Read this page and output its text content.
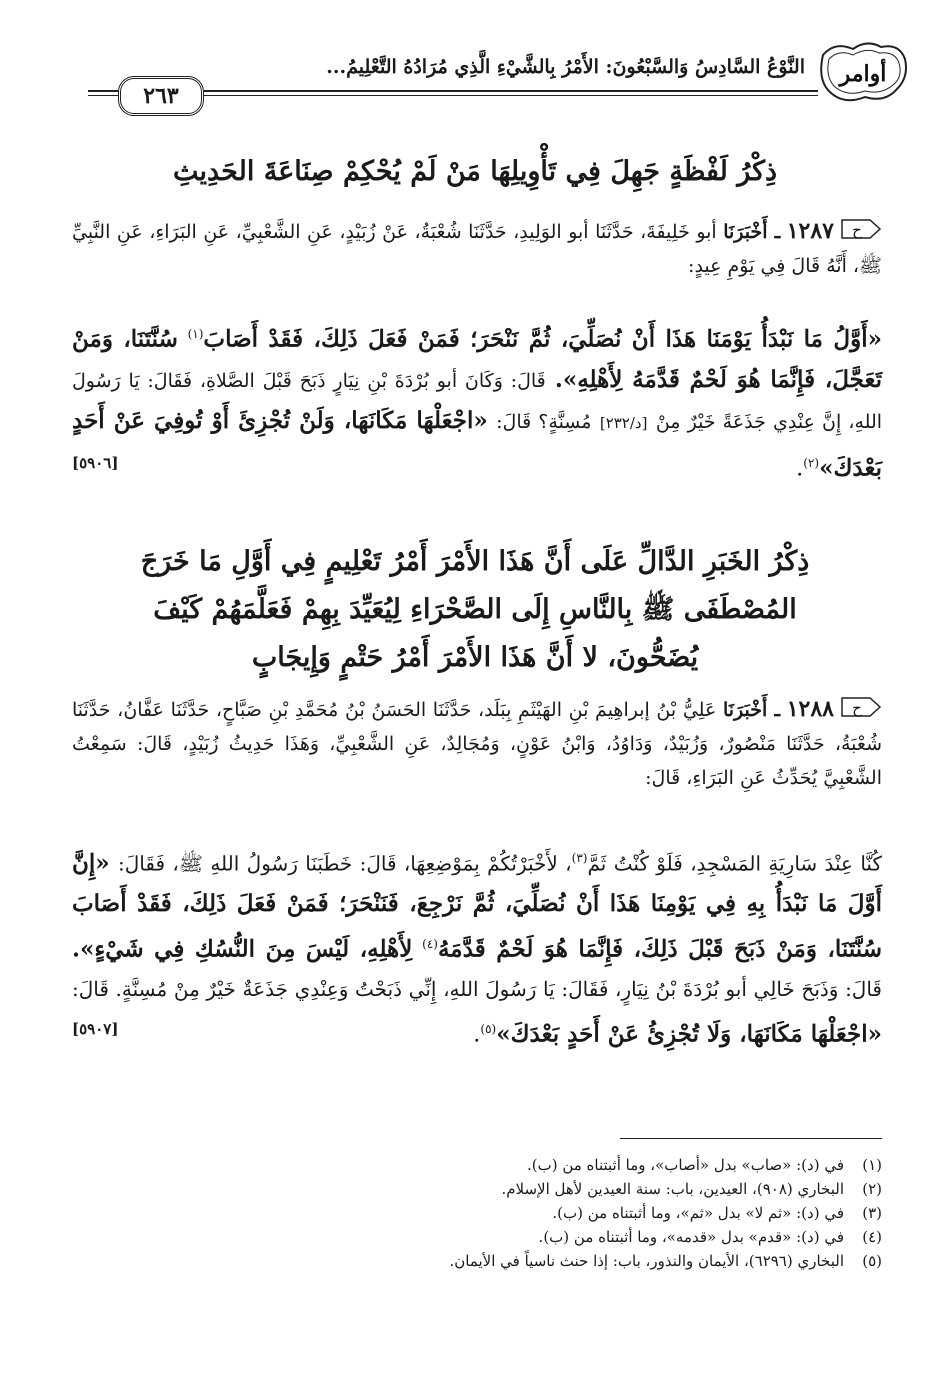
٢٦٣
النَّوْعُ السَّادِسُ وَالسَّبْعُونَ: الأَمْرُ بِالشَّيْءِ الَّذِي مُرَادُهُ التَّعْلِيمُ... أوامر
ذِكْرُ لَفْظَةٍ جَهِلَ فِي تَأْوِيلِهَا مَنْ لَمْ يُحْكِمْ صِنَاعَةَ الحَدِيثِ
ح
١٢٨٧ ـ أَخْبَرَنَا أبو خَلِيفَةَ، حَدَّثَنَا أبو الوَلِيدِ، حَدَّثَنَا شُعْبَةُ، عَنْ زُبَيْدٍ، عَنِ الشَّعْبِيِّ، عَنِ البَرَاءِ، عَنِ النَّبِيِّ ﷺ، أَنَّهُ قَالَ فِي يَوْمِ عِيدٍ:
«أَوَّلُ مَا نَبْدَأُ يَوْمَنَا هَذَا أَنْ نُصَلِّيَ، ثُمَّ نَنْحَرَ؛ فَمَنْ فَعَلَ ذَلِكَ، فَقَدْ أَصَابَ$^{(١)}$ سُنَّتَنَا، وَمَنْ تَعَجَّلَ، فَإِنَّمَا هُوَ لَحْمٌ قَدَّمَهُ لِأَهْلِهِ». قَالَ: وَكَانَ أبو بُرْدَةَ بْنِ نِيَارٍ ذَبَحَ قَبْلَ الصَّلاةِ، فَقَالَ: يَا رَسُولَ اللهِ، إِنَّ عِنْدِي جَذَعَةً خَيْرٌ مِنْ [د/٢٣٢] مُسِنَّةٍ؟ قَالَ: «اجْعَلْهَا مَكَانَهَا، وَلَنْ تُجْزِئَ أَوْ تُوفِيَ عَنْ أَحَدٍ بَعْدَكَ»$^{(٢)}$.
[٥٩٠٦]
ذِكْرُ الخَبَرِ الدَّالِّ عَلَى أَنَّ هَذَا الأَمْرَ أَمْرُ تَعْلِيمٍ فِي أَوَّلِ مَا خَرَجَ المُصْطَفَى ﷺ بِالنَّاسِ إِلَى الصَّحْرَاءِ لِيُعَيِّدَ بِهِمْ فَعَلَّمَهُمْ كَيْفَ يُضَحُّونَ، لا أَنَّ هَذَا الأَمْرَ أَمْرُ حَتْمٍ وَإِيجَابٍ
ح
١٢٨٨ ـ أَخْبَرَنَا عَلِيُّ بْنُ إبراهِيمَ بْنِ الهَيْثَمِ بِبَلَد، حَدَّثَنَا الحَسَنُ بْنُ مُحَمَّدِ بْنِ صَبَّاحٍ، حَدَّثَنَا عَفَّانُ، حَدَّثَنَا شُعْبَةُ، حَدَّثَنَا مَنْصُورٌ، وَزُبَيْدٌ، وَدَاوُدُ، وَابْنُ عَوْنٍ، وَمُجَالِدٌ، عَنِ الشَّعْبِيِّ، وَهَذَا حَدِيثُ زُبَيْدٍ، قَالَ: سَمِعْتُ الشَّعْبِيَّ يُحَدِّثُ عَنِ البَرَاءِ، قَالَ:
كُنَّا عِنْدَ سَارِيَةِ المَسْجِدِ، فَلَوْ كُنْتُ ثَمَّ$^{(٣)}$، لأَخْبَرْتُكُمْ بِمَوْضِعِهَا، قَالَ: خَطَبَنَا رَسُولُ اللهِ ﷺ، فَقَالَ: «إِنَّ أَوَّلَ مَا نَبْدَأُ بِهِ فِي يَوْمِنَا هَذَا أَنْ نُصَلِّيَ، ثُمَّ نَرْجِعَ، فَنَنْحَرَ؛ فَمَنْ فَعَلَ ذَلِكَ، فَقَدْ أَصَابَ سُنَّتَنَا، وَمَنْ ذَبَحَ قَبْلَ ذَلِكَ، فَإِنَّمَا هُوَ لَحْمٌ قَدَّمَهُ$^{(٤)}$ لِأَهْلِهِ، لَيْسَ مِنَ النُّسُكِ فِي شَيْءٍ». قَالَ: وَذَبَحَ خَالِي أبو بُرْدَةَ بْنُ نِيَارٍ، فَقَالَ: يَا رَسُولَ اللهِ، إِنِّي ذَبَحْتُ وَعِنْدِي جَذَعَةٌ خَيْرٌ مِنْ مُسِنَّةٍ. قَالَ: «اجْعَلْهَا مَكَانَهَا، وَلَا تُجْزِئُ عَنْ أَحَدٍ بَعْدَكَ»$^{(٥)}$.
[٥٩٠٧]
(١)في (د): «صاب» بدل «أصاب»، وما أثبتناه من (ب).
(٢)البخاري (٩٠٨)، العيدين، باب: سنة العيدين لأهل الإسلام.
(٣)في (د): «ثم لا» بدل «ثم»، وما أثبتناه من (ب).
(٤)في (د): «قدم» بدل «قدمه»، وما أثبتناه من (ب).
(٥)البخاري (٦٢٩٦)، الأيمان والنذور، باب: إذا حنث ناسياً في الأيمان.
